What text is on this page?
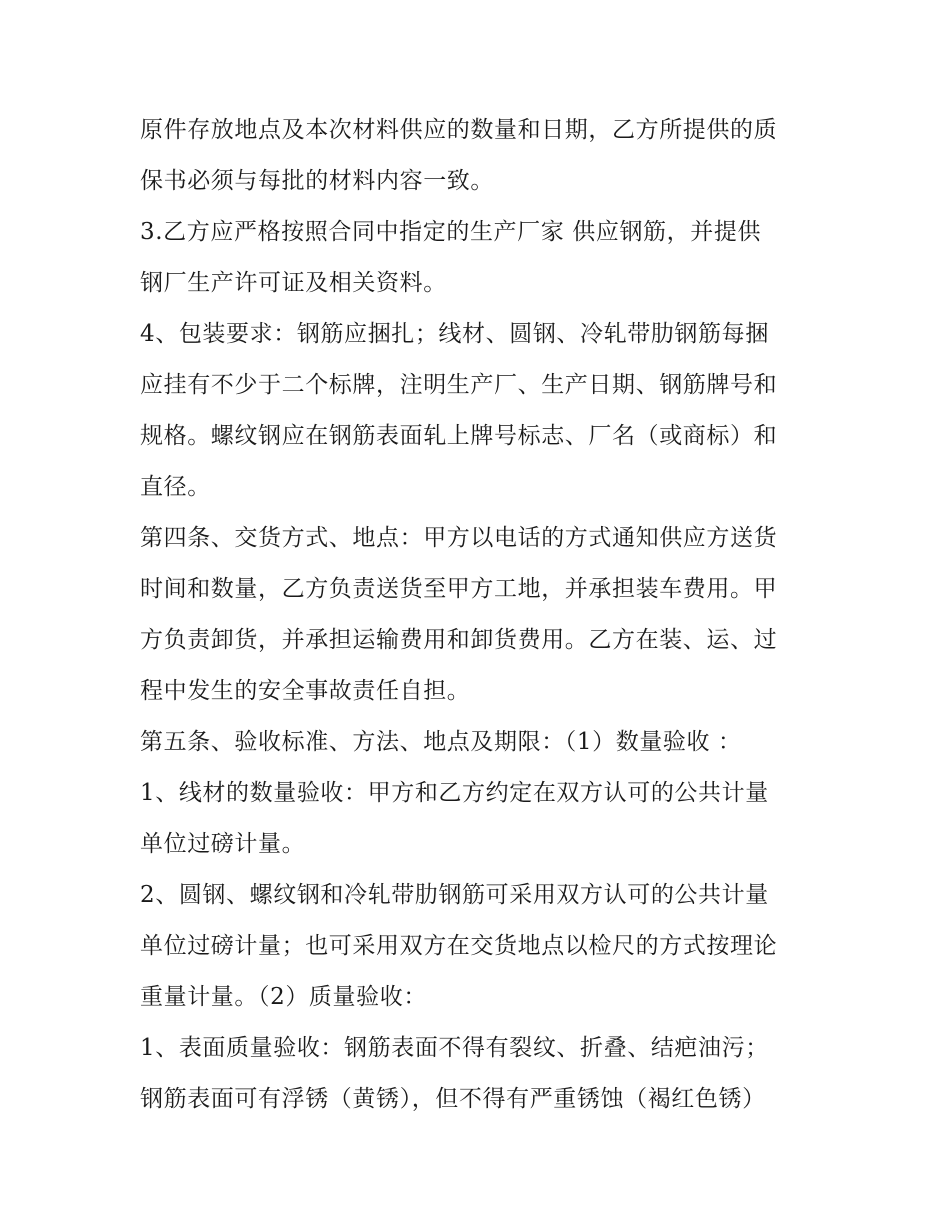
原件存放地点及本次材料供应的数量和日期，乙方所提供的质
保书必须与每批的材料内容一致。
3.乙方应严格按照合同中指定的生产厂家 供应钢筋，并提供
钢厂生产许可证及相关资料。
4、包装要求：钢筋应捆扎；线材、圆钢、冷轧带肋钢筋每捆
应挂有不少于二个标牌，注明生产厂、生产日期、钢筋牌号和
规格。螺纹钢应在钢筋表面轧上牌号标志、厂名（或商标）和
直径。
第四条、交货方式、地点：甲方以电话的方式通知供应方送货
时间和数量，乙方负责送货至甲方工地，并承担装车费用。甲
方负责卸货，并承担运输费用和卸货费用。乙方在装、运、过
程中发生的安全事故责任自担。
第五条、验收标准、方法、地点及期限：（1）数量验收 ：
1、线材的数量验收：甲方和乙方约定在双方认可的公共计量
单位过磅计量。
2、圆钢、螺纹钢和冷轧带肋钢筋可采用双方认可的公共计量
单位过磅计量；也可采用双方在交货地点以检尺的方式按理论
重量计量。（2）质量验收：
1、表面质量验收：钢筋表面不得有裂纹、折叠、结疤油污；
钢筋表面可有浮锈（黄锈），但不得有严重锈蚀（褐红色锈）
